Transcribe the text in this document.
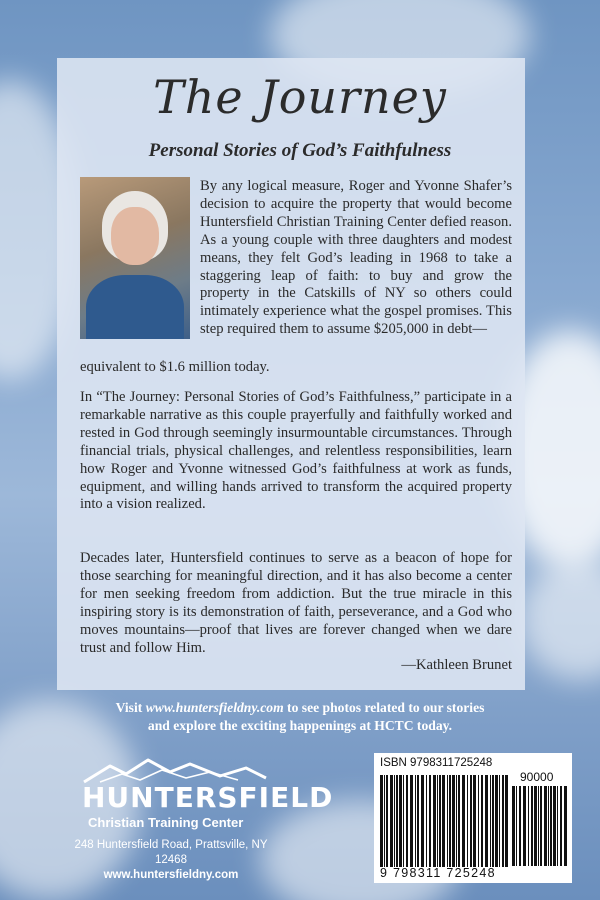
The Journey
Personal Stories of God’s Faithfulness

By any logical measure, Roger and Yvonne Shafer’s decision to acquire the property that would become Huntersfield Christian Training Center defied reason. As a young couple with three daughters and modest means, they felt God’s leading in 1968 to take a staggering leap of faith: to buy and grow the property in the Catskills of NY so others could intimately experience what the gospel promises. This step required them to assume $205,000 in debt—

equivalent to $1.6 million today.

In “The Journey: Personal Stories of God’s Faithfulness,” participate in a remarkable narrative as this couple prayerfully and faithfully worked and rested in God through seemingly insurmountable circumstances. Through financial trials, physical challenges, and relentless responsibilities, learn how Roger and Yvonne witnessed God’s faithfulness at work as funds, equipment, and willing hands arrived to transform the acquired property into a vision realized.

Decades later, Huntersfield continues to serve as a beacon of hope for those searching for meaningful direction, and it has also become a center for men seeking freedom from addiction. But the true miracle in this inspiring story is its demonstration of faith, perseverance, and a God who moves mountains—proof that lives are forever changed when we dare trust and follow Him.

—Kathleen Brunet
Visit www.huntersfieldny.com to see photos related to our stories
and explore the exciting happenings at HCTC today.
HUNTERSFIELD
Christian Training Center
248 Huntersfield Road, Prattsville, NY 12468
www.huntersfieldny.com
ISBN 9798311725248
90000
9 798311 725248
